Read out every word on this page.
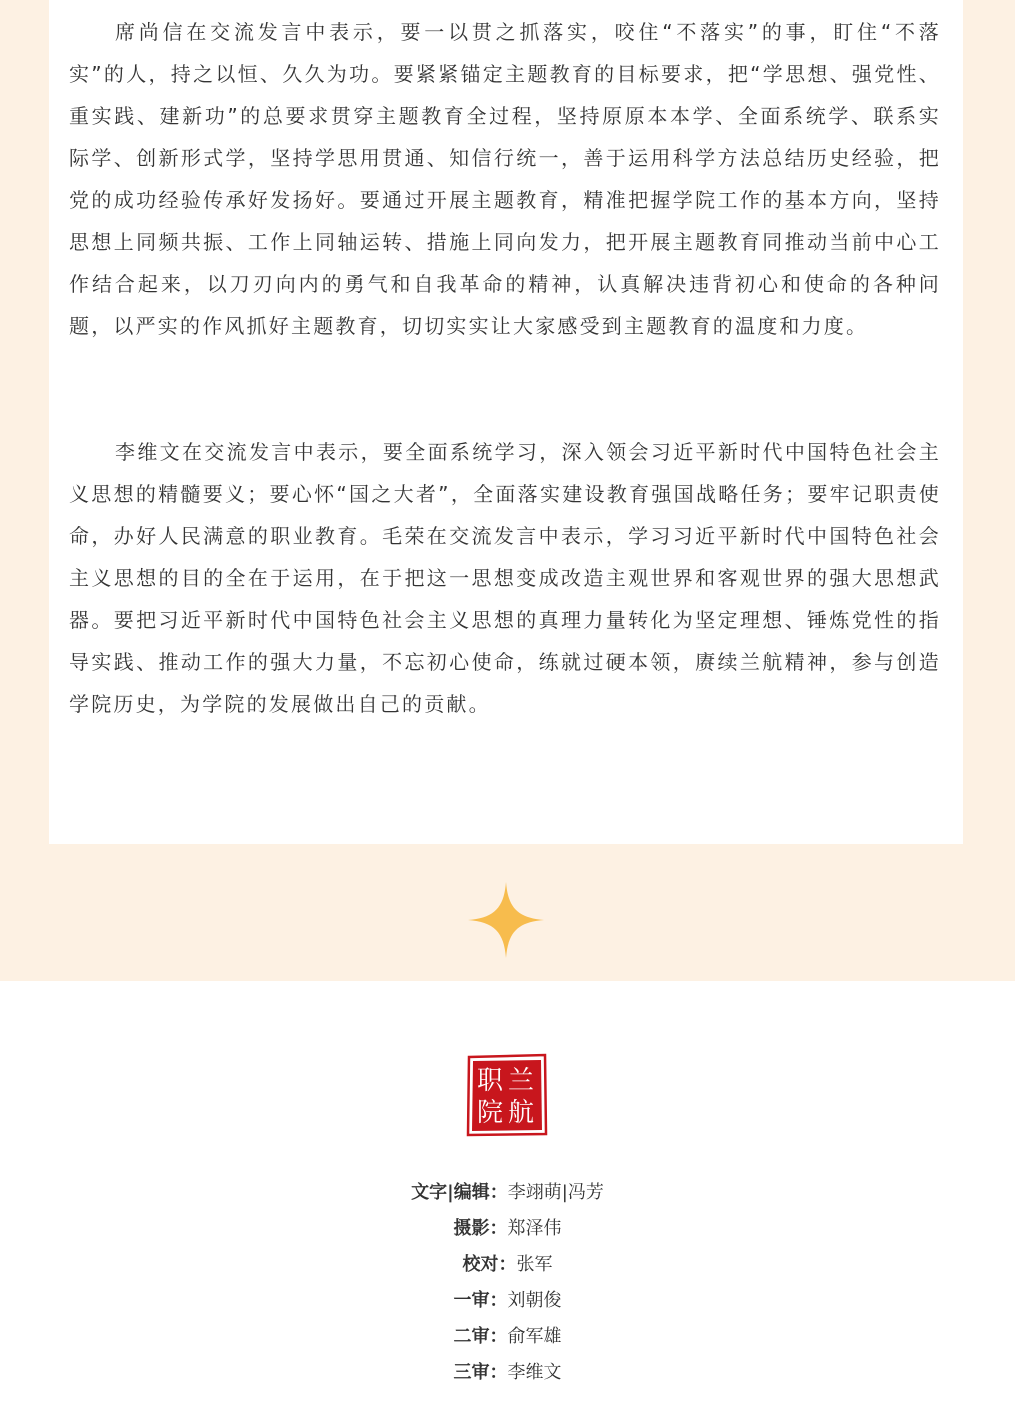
席尚信在交流发言中表示，要一以贯之抓落实，咬住“不落实”的事，盯住“不落实”的人，持之以恒、久久为功。要紧紧锚定主题教育的目标要求，把“学思想、强党性、重实践、建新功”的总要求贯穿主题教育全过程，坚持原原本本学、全面系统学、联系实际学、创新形式学，坚持学思用贯通、知信行统一，善于运用科学方法总结历史经验，把党的成功经验传承好发扬好。要通过开展主题教育，精准把握学院工作的基本方向，坚持思想上同频共振、工作上同轴运转、措施上同向发力，把开展主题教育同推动当前中心工作结合起来，以刀刃向内的勇气和自我革命的精神，认真解决违背初心和使命的各种问题，以严实的作风抓好主题教育，切切实实让大家感受到主题教育的温度和力度。

李维文在交流发言中表示，要全面系统学习，深入领会习近平新时代中国特色社会主义思想的精髓要义；要心怀“国之大者”，全面落实建设教育强国战略任务；要牢记职责使命，办好人民满意的职业教育。毛荣在交流发言中表示，学习习近平新时代中国特色社会主义思想的目的全在于运用，在于把这一思想变成改造主观世界和客观世界的强大思想武器。要把习近平新时代中国特色社会主义思想的真理力量转化为坚定理想、锤炼党性的指导实践、推动工作的强大力量，不忘初心使命，练就过硬本领，赓续兰航精神，参与创造学院历史，为学院的发展做出自己的贡献。

兰
航
职
院
文字|编辑：李翊萌|冯芳
摄影：郑泽伟
校对：张军
一审：刘朝俊
二审：俞军雄
三审：李维文
